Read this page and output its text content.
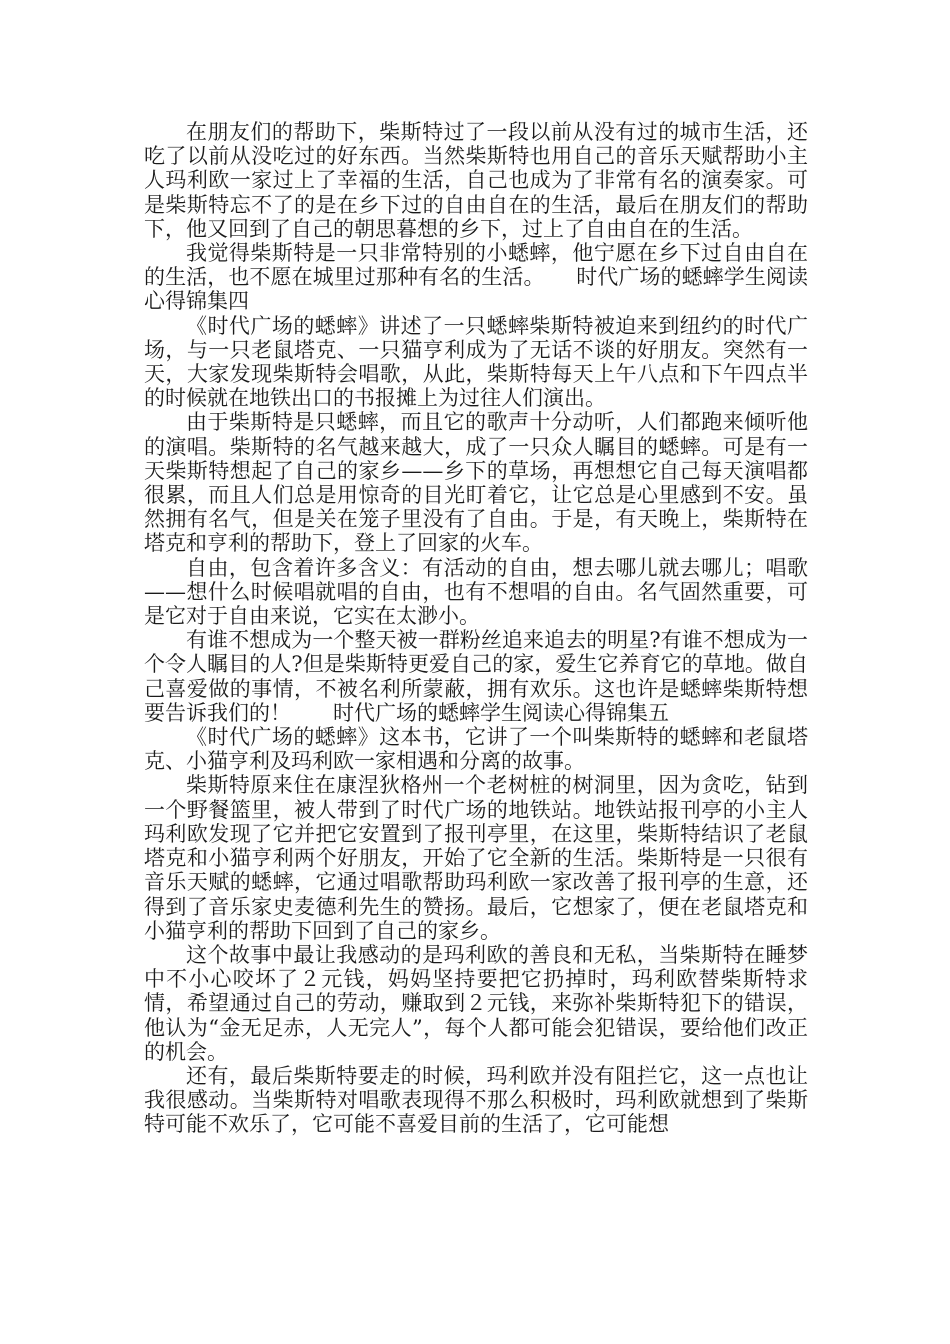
在朋友们的帮助下，柴斯特过了一段以前从没有过的城市生活，还吃了以前从没吃过的好东西。当然柴斯特也用自己的音乐天赋帮助小主人玛利欧一家过上了幸福的生活，自己也成为了非常有名的演奏家。可是柴斯特忘不了的是在乡下过的自由自在的生活，最后在朋友们的帮助下，他又回到了自己的朝思暮想的乡下，过上了自由自在的生活。

我觉得柴斯特是一只非常特别的小蟋蟀，他宁愿在乡下过自由自在的生活，也不愿在城里过那种有名的生活。　　时代广场的蟋蟀学生阅读心得锦集四

《时代广场的蟋蟀》讲述了一只蟋蟀柴斯特被迫来到纽约的时代广场，与一只老鼠塔克、一只猫亨利成为了无话不谈的好朋友。突然有一天，大家发现柴斯特会唱歌，从此，柴斯特每天上午八点和下午四点半的时候就在地铁出口的书报摊上为过往人们演出。

由于柴斯特是只蟋蟀，而且它的歌声十分动听，人们都跑来倾听他的演唱。柴斯特的名气越来越大，成了一只众人瞩目的蟋蟀。可是有一天柴斯特想起了自己的家乡——乡下的草场，再想想它自己每天演唱都很累，而且人们总是用惊奇的目光盯着它，让它总是心里感到不安。虽然拥有名气，但是关在笼子里没有了自由。于是，有天晚上，柴斯特在塔克和亨利的帮助下，登上了回家的火车。

自由，包含着许多含义：有活动的自由，想去哪儿就去哪儿；唱歌——想什么时候唱就唱的自由，也有不想唱的自由。名气固然重要，可是它对于自由来说，它实在太渺小。

有谁不想成为一个整天被一群粉丝追来追去的明星?有谁不想成为一个令人瞩目的人?但是柴斯特更爱自己的家，爱生它养育它的草地。做自己喜爱做的事情，不被名利所蒙蔽，拥有欢乐。这也许是蟋蟀柴斯特想要告诉我们的！　　时代广场的蟋蟀学生阅读心得锦集五

《时代广场的蟋蟀》这本书，它讲了一个叫柴斯特的蟋蟀和老鼠塔克、小猫亨利及玛利欧一家相遇和分离的故事。

柴斯特原来住在康涅狄格州一个老树桩的树洞里，因为贪吃，钻到一个野餐篮里，被人带到了时代广场的地铁站。地铁站报刊亭的小主人玛利欧发现了它并把它安置到了报刊亭里，在这里，柴斯特结识了老鼠塔克和小猫亨利两个好朋友，开始了它全新的生活。柴斯特是一只很有音乐天赋的蟋蟀，它通过唱歌帮助玛利欧一家改善了报刊亭的生意，还得到了音乐家史麦德利先生的赞扬。最后，它想家了，便在老鼠塔克和小猫亨利的帮助下回到了自己的家乡。

这个故事中最让我感动的是玛利欧的善良和无私，当柴斯特在睡梦中不小心咬坏了２元钱，妈妈坚持要把它扔掉时，玛利欧替柴斯特求情，希望通过自己的劳动，赚取到２元钱，来弥补柴斯特犯下的错误，他认为“金无足赤，人无完人”，每个人都可能会犯错误，要给他们改正的机会。

还有，最后柴斯特要走的时候，玛利欧并没有阻拦它，这一点也让我很感动。当柴斯特对唱歌表现得不那么积极时，玛利欧就想到了柴斯特可能不欢乐了，它可能不喜爱目前的生活了，它可能想
